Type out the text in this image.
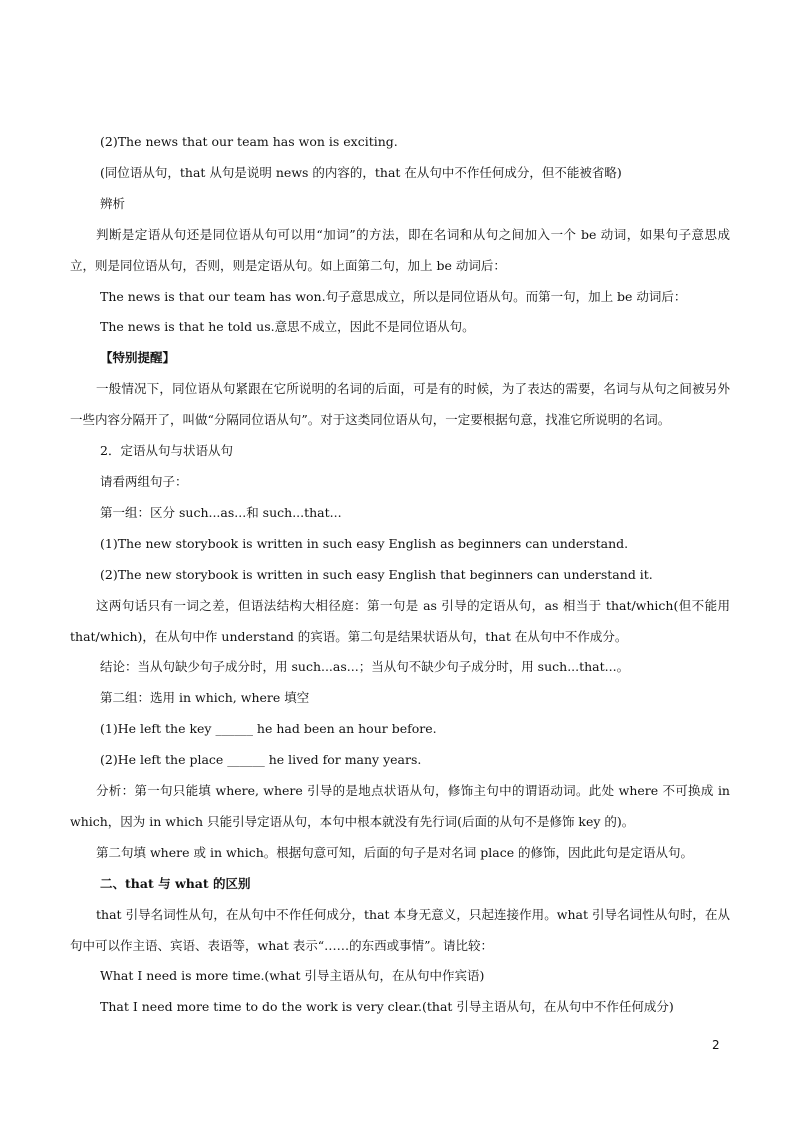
(2)The news that our team has won is exciting.

(同位语从句，that 从句是说明 news 的内容的，that 在从句中不作任何成分，但不能被省略)

辨析

判断是定语从句还是同位语从句可以用“加词”的方法，即在名词和从句之间加入一个 be 动词，如果句子意思成立，则是同位语从句，否则，则是定语从句。如上面第二句，加上 be 动词后：

The news is that our team has won.句子意思成立，所以是同位语从句。而第一句，加上 be 动词后：

The news is that he told us.意思不成立，因此不是同位语从句。

【特别提醒】

一般情况下，同位语从句紧跟在它所说明的名词的后面，可是有的时候，为了表达的需要，名词与从句之间被另外一些内容分隔开了，叫做“分隔同位语从句”。对于这类同位语从句，一定要根据句意，找准它所说明的名词。

2．定语从句与状语从句

请看两组句子：

第一组：区分 such...as...和 such...that...

(1)The new storybook is written in such easy English as beginners can understand.

(2)The new storybook is written in such easy English that beginners can understand it.

这两句话只有一词之差，但语法结构大相径庭：第一句是 as 引导的定语从句，as 相当于 that/which(但不能用 that/which)，在从句中作 understand 的宾语。第二句是结果状语从句，that 在从句中不作成分。

结论：当从句缺少句子成分时，用 such...as...；当从句不缺少句子成分时，用 such...that...。

第二组：选用 in which, where 填空

(1)He left the key ______ he had been an hour before.

(2)He left the place ______ he lived for many years.

分析：第一句只能填 where, where 引导的是地点状语从句，修饰主句中的谓语动词。此处 where 不可换成 in which，因为 in which 只能引导定语从句，本句中根本就没有先行词(后面的从句不是修饰 key 的)。

第二句填 where 或 in which。根据句意可知，后面的句子是对名词 place 的修饰，因此此句是定语从句。

二、that 与 what 的区别

that 引导名词性从句，在从句中不作任何成分，that 本身无意义，只起连接作用。what 引导名词性从句时，在从句中可以作主语、宾语、表语等，what 表示“……的东西或事情”。请比较：

What I need is more time.(what 引导主语从句，在从句中作宾语)

That I need more time to do the work is very clear.(that 引导主语从句，在从句中不作任何成分)

2
